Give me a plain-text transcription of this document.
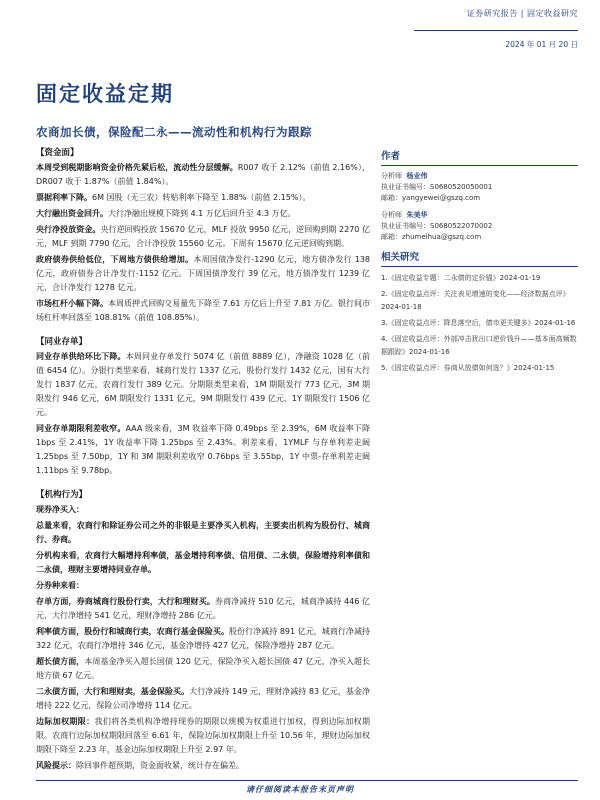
证券研究报告 | 固定收益研究
2024 年 01 月 20 日
固定收益定期
农商加长债，保险配二永——流动性和机构行为跟踪
【资金面】

本周受到税期影响资金价格先紧后松，流动性分层缓解。R007 收于 2.12%（前值 2.16%），DR007 收于 1.87%（前值 1.84%）。

票据利率下降。6M 国股（无三农）转贴利率下降至 1.88%（前值 2.15%）。

大行融出资金回升。大行净融出规模下降到 4.1 万亿后回升至 4.3 万亿。

央行净投放资金。央行逆回购投放 15670 亿元，MLF 投放 9950 亿元，逆回购到期 2270 亿元，MLF 到期 7790 亿元，合计净投放 15560 亿元。下周有 15670 亿元逆回购到期。

政府债券供给低位，下周地方债供给增加。本周国债净发行-1290 亿元，地方债净发行 138 亿元，政府债券合计净发行-1152 亿元。下周国债净发行 39 亿元，地方债净发行 1239 亿元，合计净发行 1278 亿元。

市场杠杆小幅下降。本周质押式回购交易量先下降至 7.61 万亿后上升至 7.81 万亿。银行间市场杠杆率回落至 108.81%（前值 108.85%）。

【同业存单】

同业存单供给环比下降。本周同业存单发行 5074 亿（前值 8889 亿），净融资 1028 亿（前值 6454 亿）。分银行类型来看，城商行发行 1337 亿元，股份行发行 1432 亿元，国有大行发行 1837 亿元，农商行发行 389 亿元。分期限类型来看，1M 期限发行 773 亿元，3M 期限发行 946 亿元，6M 期限发行 1331 亿元，9M 期限发行 439 亿元，1Y 期限发行 1506 亿元。

同业存单期限利差收窄。AAA 级来看，3M 收益率下降 0.49bps 至 2.39%，6M 收益率下降 1bps 至 2.41%，1Y 收益率下降 1.25bps 至 2.43%。利差来看，1YMLF 与存单利差走阔 1.25bps 至 7.50bp，1Y 和 3M 期限利差收窄 0.76bps 至 3.55bp，1Y 中票-存单利差走阔 1.11bps 至 9.78bp。

【机构行为】

现券净买入：

总量来看，农商行和除证券公司之外的非银是主要净买入机构，主要卖出机构为股份行、城商行、券商。

分机构来看，农商行大幅增持利率债，基金增持利率债、信用债、二永债，保险增持利率债和二永债，理财主要增持同业存单。

分券种来看：

存单方面，券商城商行股份行卖，大行和理财买。券商净减持 510 亿元，城商净减持 446 亿元，大行净增持 541 亿元，理财净增持 286 亿元。

利率债方面，股份行和城商行卖，农商行基金保险买。股份行净减持 891 亿元，城商行净减持 322 亿元，农商行净增持 346 亿元，基金净增持 427 亿元，保险净增持 287 亿元。

超长债方面，本周基金净买入超长国债 120 亿元，保险净买入超长国债 47 亿元，净买入超长地方债 67 亿元。

二永债方面，大行和理财卖，基金保险买。大行净减持 149 元，理财净减持 83 亿元，基金净增持 222 亿元，保险公司净增持 114 亿元。

边际加权期限：我们将各类机构净增持现券的期限以规模为权重进行加权，得到边际加权期限。农商行边际加权期限回落至 6.61 年，保险边际加权期限上升至 10.56 年，理财边际加权期限下降至 2.23 年，基金边际加权期限上升至 2.97 年。

风险提示：除回事件超预期，资金面收紧，统计存在偏差。

作者
分析师 杨业伟
执业证书编号：S0680520050001
邮箱：yangyewei@gszq.com
分析师 朱美华
执业证书编号：S0680522070002
邮箱：zhumeihua@gszq.com
相关研究
1.《固定收益专题：二永债的定价锚》2024-01-19
2.《固定收益点评：关注表见增速的变化——经济数据点评》2024-01-18
3.《固定收益点评：降息落空后，债市更关键多》2024-01-16
4.《固定收益点评：外部冲击犹出口逆价钱升——基本面高频数据跟踪》2024-01-16
5.《固定收益点评：券商从放债如何选？》2024-01-15
请仔细阅读本报告末页声明
